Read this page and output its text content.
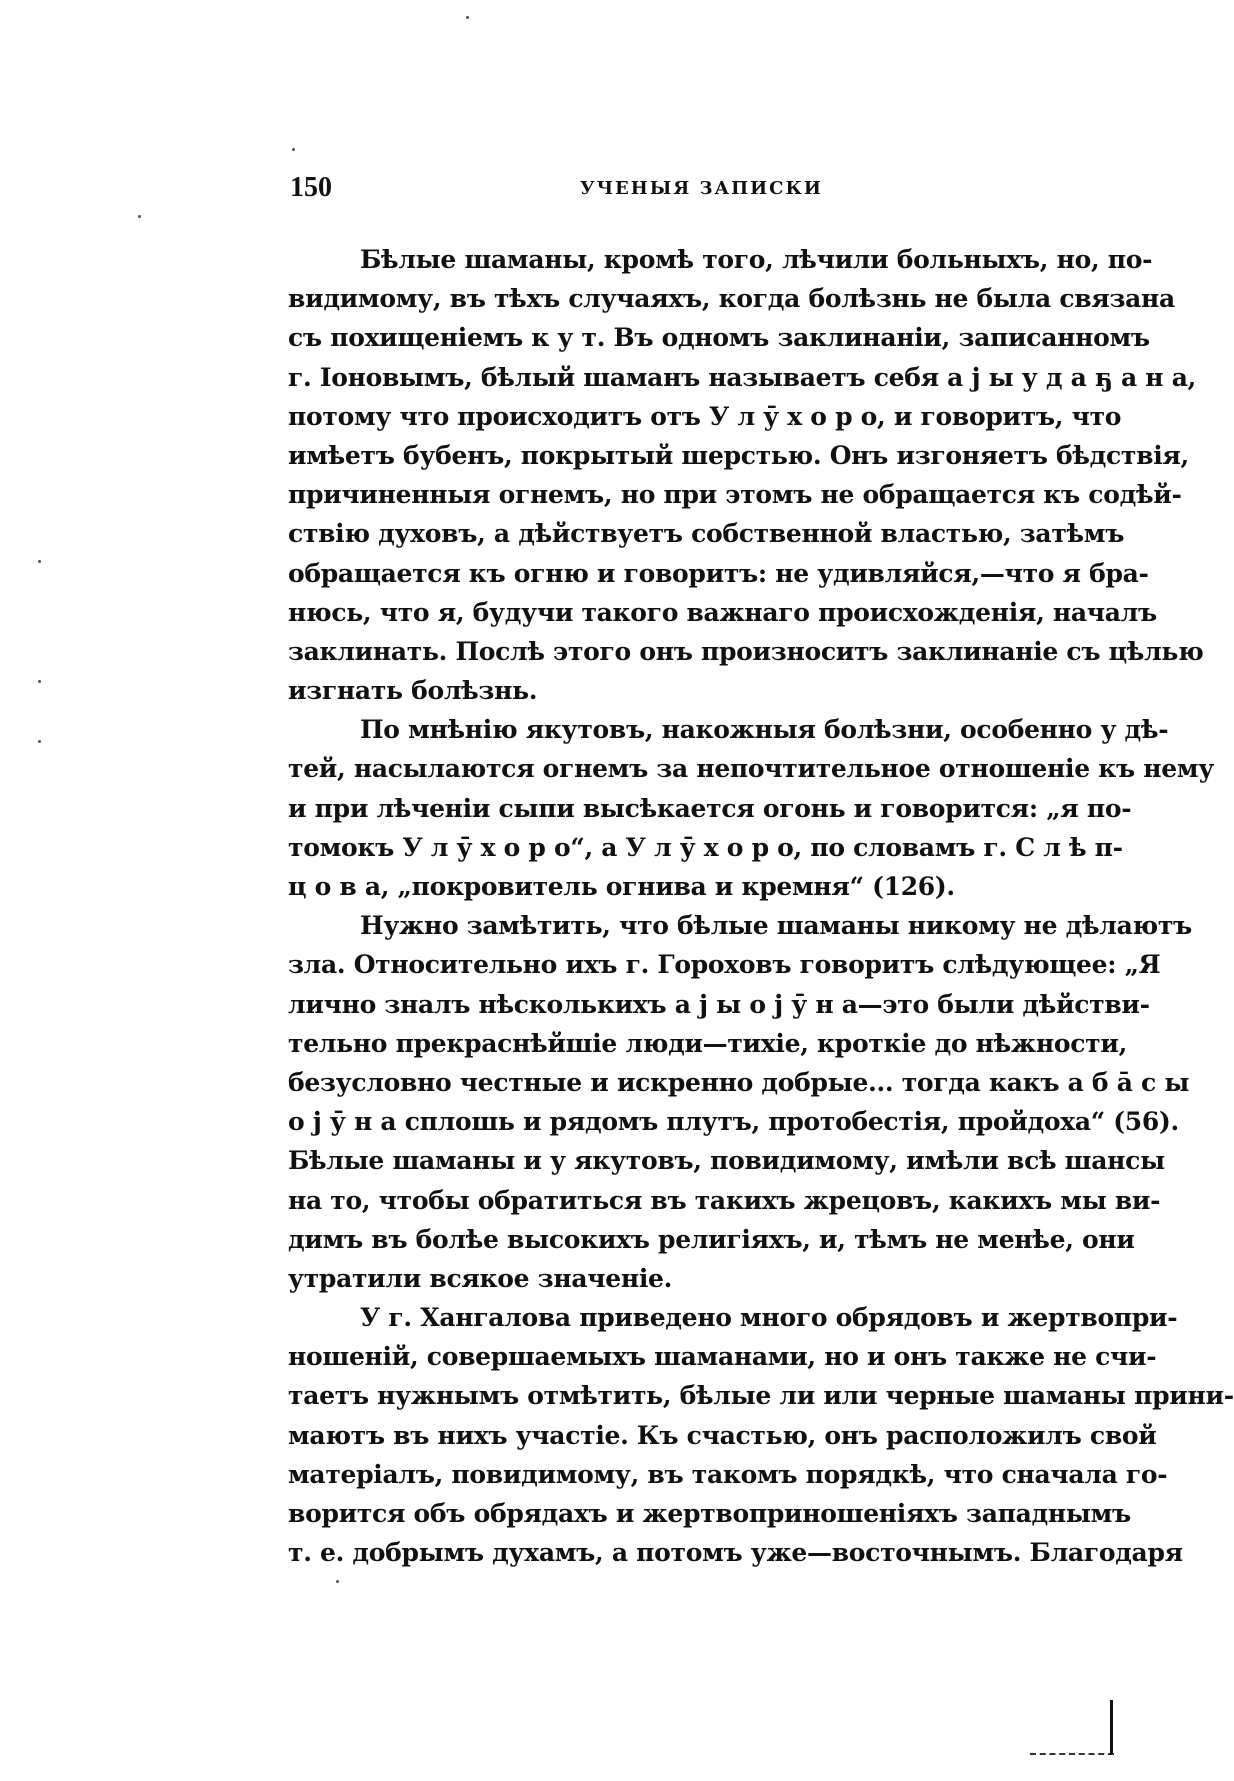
150	УЧЕНЫЯ ЗАПИСКИ
Бѣлые шаманы, кромѣ того, лѣчили больныхъ, но, по-
видимому, въ тѣхъ случаяхъ, когда болѣзнь не была связана
съ похищеніемъ к у т. Въ одномъ заклинаніи, записанномъ
г. Іоновымъ, бѣлый шаманъ называетъ себя а ј ы у д а ҕ а н а,
потому что происходитъ отъ У л ӯ х о р о, и говоритъ, что
имѣетъ бубенъ, покрытый шерстью. Онъ изгоняетъ бѣдствія,
причиненныя огнемъ, но при этомъ не обращается къ содѣй-
ствію духовъ, а дѣйствуетъ собственной властью, затѣмъ
обращается къ огню и говоритъ: не удивляйся,—что я бра-
нюсь, что я, будучи такого важнаго происхожденія, началъ
заклинать. Послѣ этого онъ произноситъ заклинаніе съ цѣлью
изгнать болѣзнь.
По мнѣнію якутовъ, накожныя болѣзни, особенно у дѣ-
тей, насылаются огнемъ за непочтительное отношеніе къ нему
и при лѣченіи сыпи высѣкается огонь и говорится: „я по-
томокъ У л ӯ х о р о“, а У л ӯ х о р о, по словамъ г. С л ѣ п-
ц о в а, „покровитель огнива и кремня“ (126).
Нужно замѣтить, что бѣлые шаманы никому не дѣлаютъ
зла. Относительно ихъ г. Гороховъ говоритъ слѣдующее: „Я
лично зналъ нѣсколькихъ а ј ы о ј ӯ н а—это были дѣйстви-
тельно прекраснѣйшіе люди—тихіе, кроткіе до нѣжности,
безусловно честные и искренно добрые... тогда какъ а б а̄ с ы
о ј ӯ н а сплошь и рядомъ плутъ, протобестія, пройдоха“ (56).
Бѣлые шаманы и у якутовъ, повидимому, имѣли всѣ шансы
на то, чтобы обратиться въ такихъ жрецовъ, какихъ мы ви-
димъ въ болѣе высокихъ религіяхъ, и, тѣмъ не менѣе, они
утратили всякое значеніе.
У г. Хангалова приведено много обрядовъ и жертвопри-
ношеній, совершаемыхъ шаманами, но и онъ также не счи-
таетъ нужнымъ отмѣтить, бѣлые ли или черные шаманы прини-
маютъ въ нихъ участіе. Къ счастью, онъ расположилъ свой
матеріалъ, повидимому, въ такомъ порядкѣ, что сначала го-
ворится объ обрядахъ и жертвоприношеніяхъ западнымъ
т. е. добрымъ духамъ, а потомъ уже—восточнымъ. Благодаря
